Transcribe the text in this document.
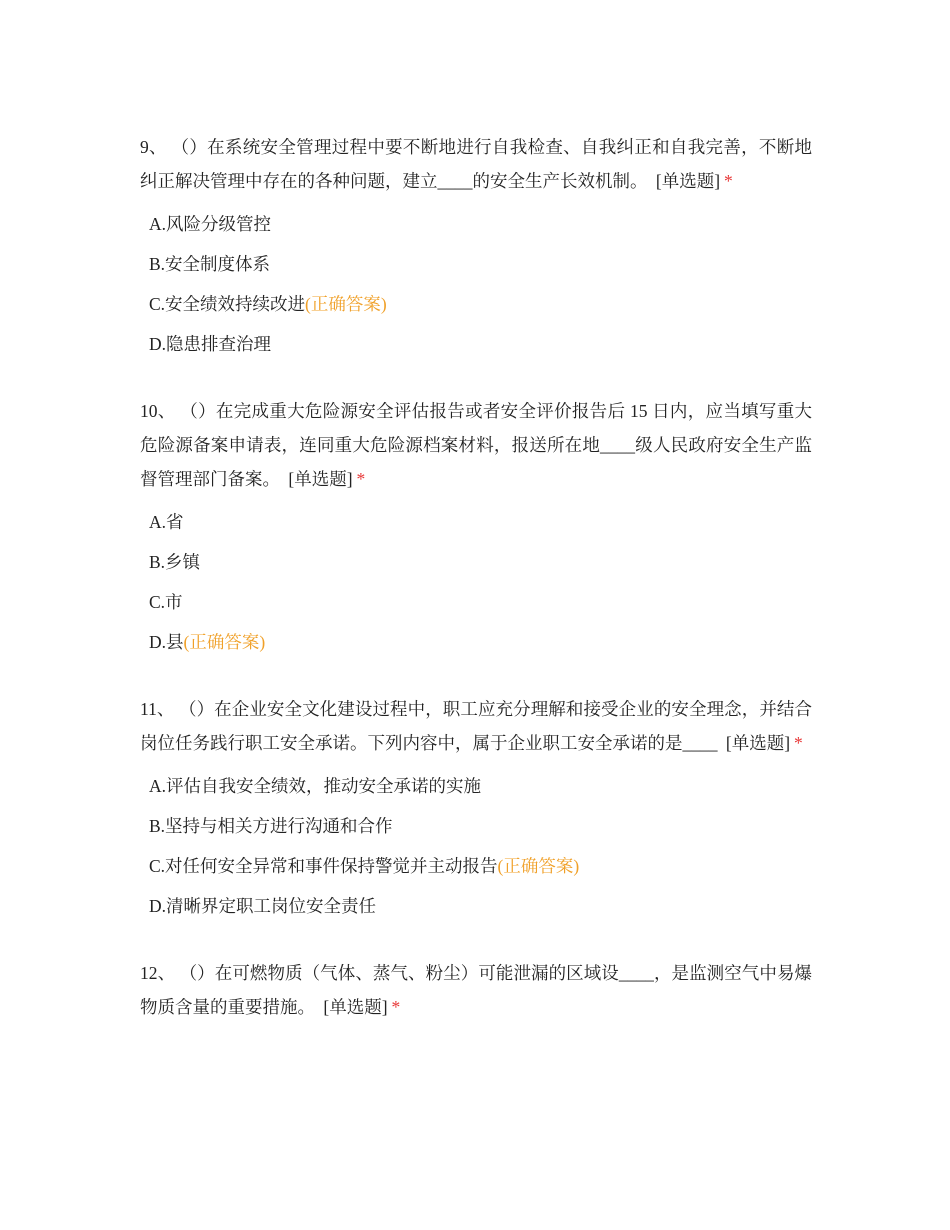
9、 （）在系统安全管理过程中要不断地进行自我检查、自我纠正和自我完善，不断地纠正解决管理中存在的各种问题，建立____的安全生产长效机制。 [单选题] *

A.风险分级管控
B.安全制度体系
C.安全绩效持续改进(正确答案)
D.隐患排查治理

10、 （）在完成重大危险源安全评估报告或者安全评价报告后 15 日内，应当填写重大危险源备案申请表，连同重大危险源档案材料，报送所在地____级人民政府安全生产监督管理部门备案。 [单选题] *

A.省
B.乡镇
C.市
D.县(正确答案)

11、 （）在企业安全文化建设过程中，职工应充分理解和接受企业的安全理念，并结合岗位任务践行职工安全承诺。下列内容中，属于企业职工安全承诺的是____ [单选题] *

A.评估自我安全绩效，推动安全承诺的实施
B.坚持与相关方进行沟通和合作
C.对任何安全异常和事件保持警觉并主动报告(正确答案)
D.清晰界定职工岗位安全责任

12、 （）在可燃物质（气体、蒸气、粉尘）可能泄漏的区域设____，是监测空气中易爆物质含量的重要措施。 [单选题] *
